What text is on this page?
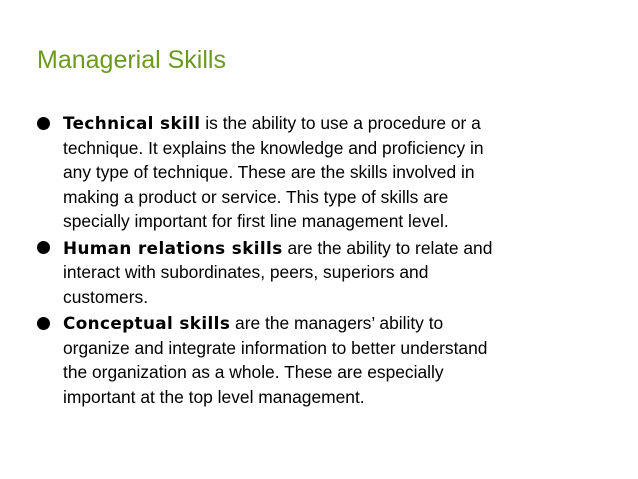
Managerial Skills
Technical skill is the ability to use a procedure or a
technique. It explains the knowledge and proficiency in
any type of technique. These are the skills involved in
making a product or service. This type of skills are
specially important for first line management level.
Human relations skills are the ability to relate and
interact with subordinates, peers, superiors and
customers.
Conceptual skills are the managers’ ability to
organize and integrate information to better understand
the organization as a whole. These are especially
important at the top level management.
